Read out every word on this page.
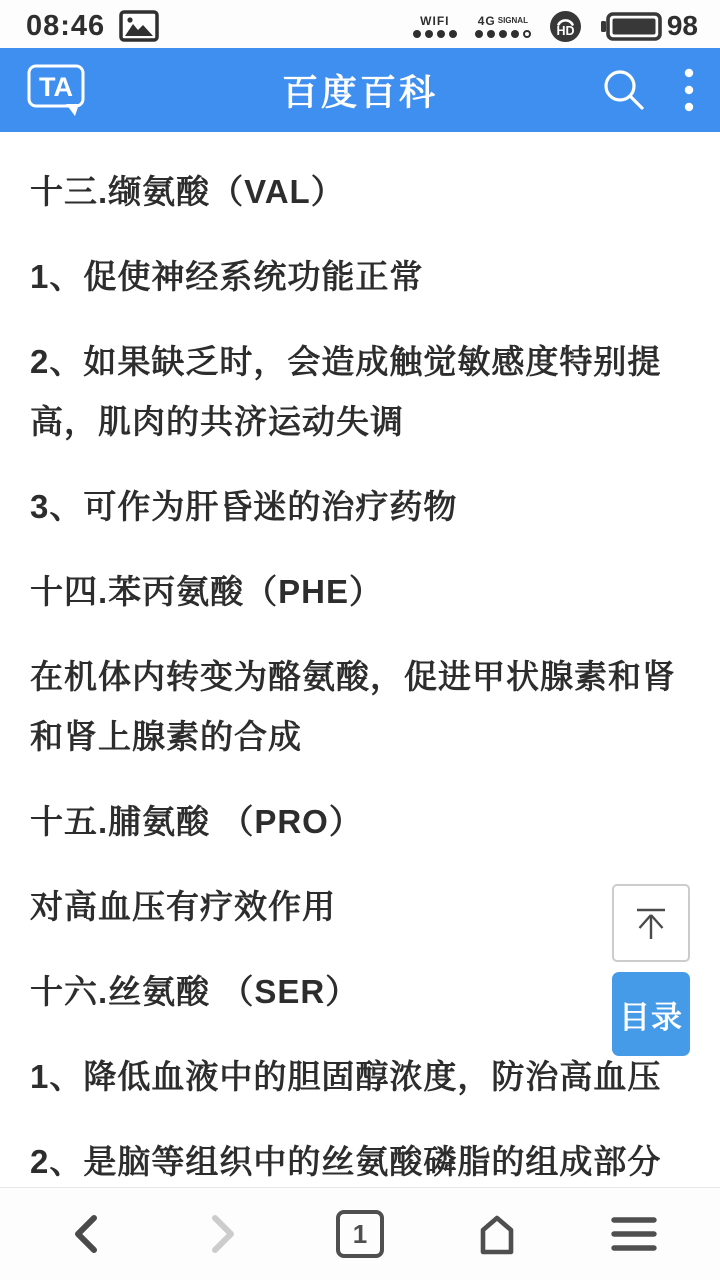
08:46	WIFI 4G SIGNAL
HD	98
TA	百度百科

十三.缬氨酸（VAL）

1、促使神经系统功能正常

2、如果缺乏时，会造成触觉敏感度特别提高，肌肉的共济运动失调

3、可作为肝昏迷的治疗药物

十四.苯丙氨酸（PHE）

在机体内转变为酪氨酸，促进甲状腺素和肾和肾上腺素的合成

十五.脯氨酸 （PRO）

对高血压有疗效作用

十六.丝氨酸 （SER）

1、降低血液中的胆固醇浓度，防治高血压

2、是脑等组织中的丝氨酸磷脂的组成部分

目录
1
